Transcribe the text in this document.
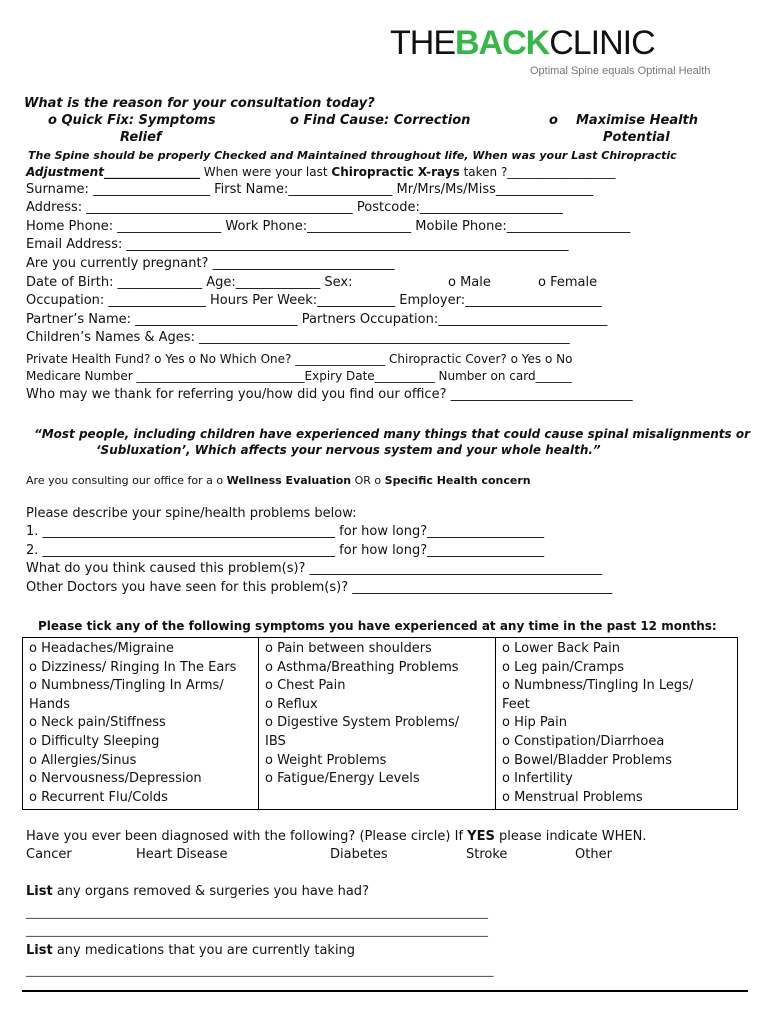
THEBACKCLINIC
Optimal Spine equals Optimal Health
What is the reason for your consultation today?
o Quick Fix: Symptoms
Relief
o Find Cause: Correction	o Maximise Health
Potential
The Spine should be properly Checked and Maintained throughout life, When was your Last Chiropractic
Adjustment________________ When were your last Chiropractic X-rays taken ?__________________
Surname: __________________ First Name:________________ Mr/Mrs/Ms/Miss_______________
Address: _________________________________________ Postcode:______________________
Home Phone: ________________ Work Phone:________________ Mobile Phone:___________________
Email Address: ____________________________________________________________________
Are you currently pregnant? ____________________________
Date of Birth: _____________ Age:_____________ Sex:	o Male	o Female
Occupation: _______________ Hours Per Week:____________ Employer:_____________________
Partner’s Name: _________________________ Partners Occupation:__________________________
Children’s Names & Ages: _________________________________________________________
Private Health Fund? o Yes o No Which One? _______________ Chiropractic Cover? o Yes o No
Medicare Number ____________________________Expiry Date__________ Number on card______
Who may we thank for referring you/how did you find our office? ____________________________
“Most people, including children have experienced many things that could cause spinal misalignments or
‘Subluxation’, Which affects your nervous system and your whole health.”
Are you consulting our office for a o Wellness Evaluation OR o Specific Health concern
Please describe your spine/health problems below:
1. _____________________________________________ for how long?__________________
2. _____________________________________________ for how long?__________________
What do you think caused this problem(s)? _____________________________________________
Other Doctors you have seen for this problem(s)? ________________________________________
Please tick any of the following symptoms you have experienced at any time in the past 12 months:
o Headaches/Migraine
o Dizziness/ Ringing In The Ears
o Numbness/Tingling In Arms/
Hands
o Neck pain/Stiffness
o Difficulty Sleeping
o Allergies/Sinus
o Nervousness/Depression
o Recurrent Flu/Colds

o Pain between shoulders
o Asthma/Breathing Problems
o Chest Pain
o Reflux
o Digestive System Problems/
IBS
o Weight Problems
o Fatigue/Energy Levels

o Lower Back Pain
o Leg pain/Cramps
o Numbness/Tingling In Legs/
Feet
o Hip Pain
o Constipation/Diarrhoea
o Bowel/Bladder Problems
o Infertility
o Menstrual Problems
Have you ever been diagnosed with the following? (Please circle) If YES please indicate WHEN.
Cancer	Heart Disease	Diabetes	Stroke	Other
List any organs removed & surgeries you have had?
____________________________________________________________________________________
____________________________________________________________________________________
List any medications that you are currently taking
_____________________________________________________________________________________
